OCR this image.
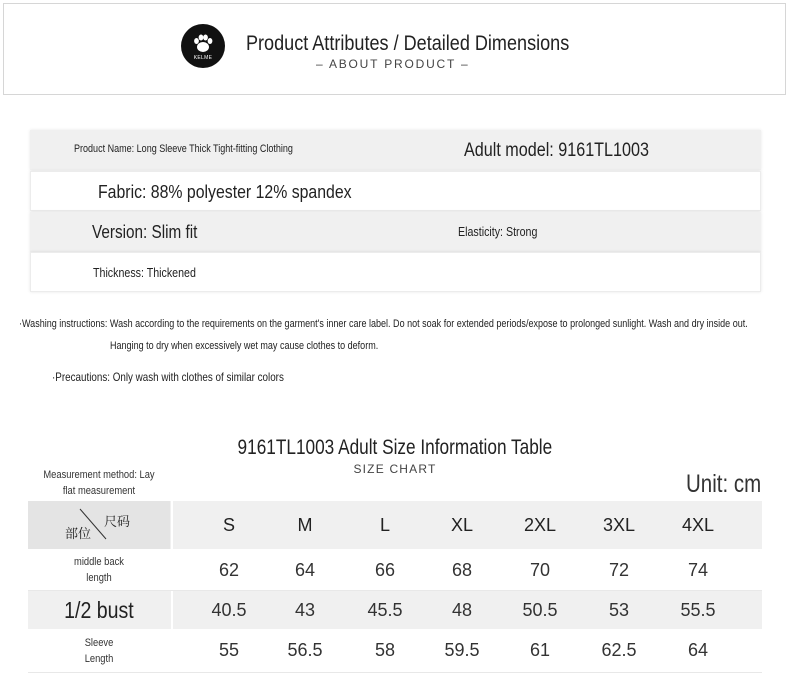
KELME
Product Attributes / Detailed Dimensions
– ABOUT PRODUCT –
Product Name: Long Sleeve Thick Tight-fitting Clothing	Adult model: 9161TL1003
Fabric: 88% polyester 12% spandex
Version: Slim fit	Elasticity: Strong
Thickness: Thickened
·Washing instructions: Wash according to the requirements on the garment's inner care label. Do not soak for extended periods/expose to prolonged sunlight. Wash and dry inside out.
Hanging to dry when excessively wet may cause clothes to deform.
·Precautions: Only wash with clothes of similar colors
9161TL1003 Adult Size Information Table
SIZE CHART
Measurement method: Lay flat measurement	Unit: cm
尺码
部位	S	M	L	XL	2XL	3XL	4XL
middle back length	62	64	66	68	70	72	74
1/2 bust	40.5	43	45.5	48	50.5	53	55.5
Sleeve Length	55	56.5	58	59.5	61	62.5	64
